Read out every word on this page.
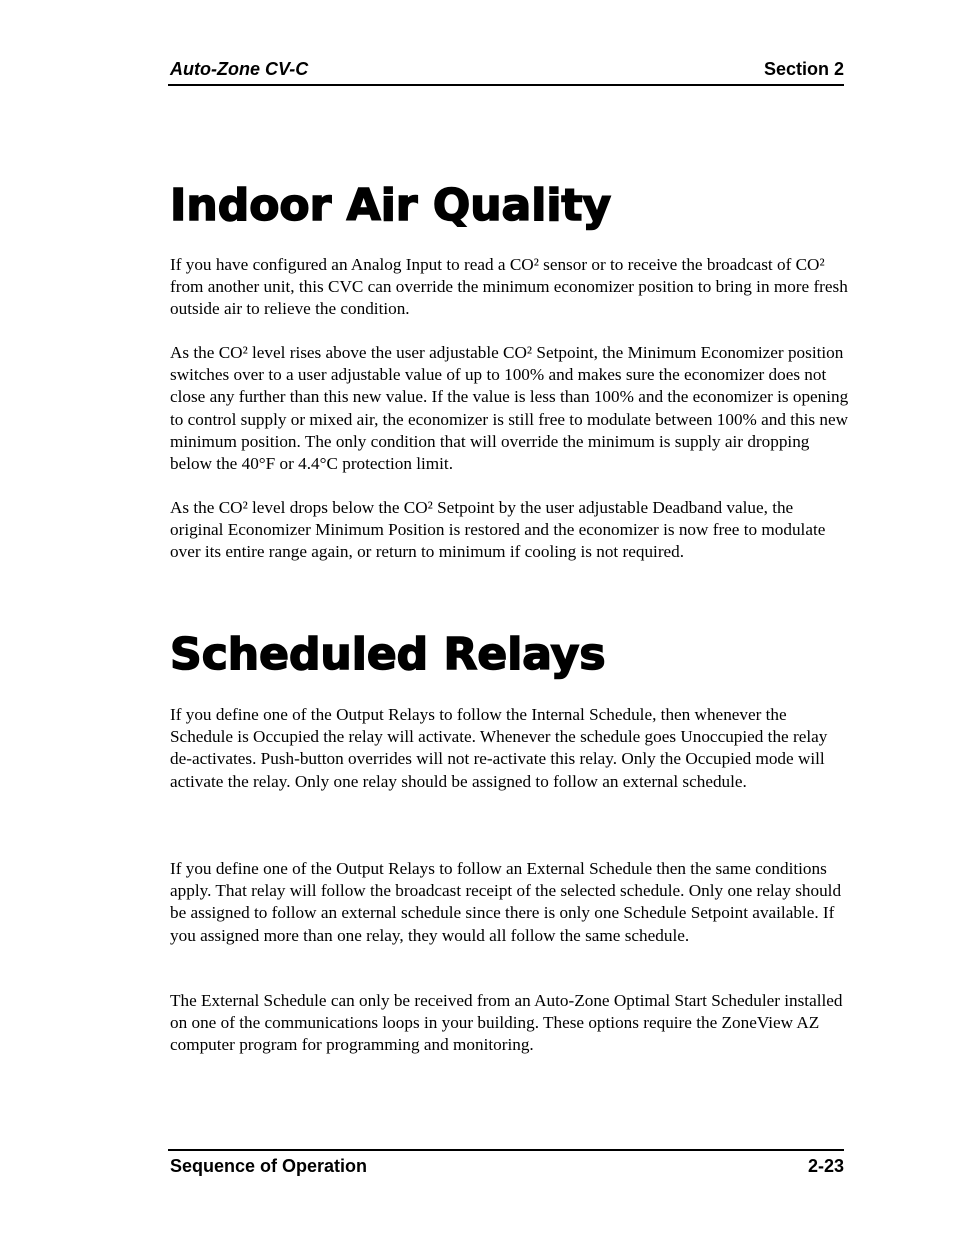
Auto-Zone CV-C	Section 2
Indoor Air Quality

If you have configured an Analog Input to read a CO² sensor or to receive the broadcast of CO² from another unit, this CVC can override the minimum economizer position to bring in more fresh outside air to relieve the condition.

As the CO² level rises above the user adjustable CO² Setpoint, the Minimum Economizer position switches over to a user adjustable value of up to 100% and makes sure the economizer does not close any further than this new value. If the value is less than 100% and the economizer is opening to control supply or mixed air, the economizer is still free to modulate between 100% and this new minimum position. The only condition that will override the minimum is supply air dropping below the 40°F or 4.4°C protection limit.

As the CO² level drops below the CO² Setpoint by the user adjustable Deadband value, the original Economizer Minimum Position is restored and the economizer is now free to modulate over its entire range again, or return to minimum if cooling is not required.

Scheduled Relays

If you define one of the Output Relays to follow the Internal Schedule, then whenever the Schedule is Occupied the relay will activate. Whenever the schedule goes Unoccupied the relay de-activates. Push-button overrides will not re-activate this relay. Only the Occupied mode will activate the relay. Only one relay should be assigned to follow an external schedule.

If you define one of the Output Relays to follow an External Schedule then the same conditions apply. That relay will follow the broadcast receipt of the selected schedule. Only one relay should be assigned to follow an external schedule since there is only one Schedule Setpoint available. If you assigned more than one relay, they would all follow the same schedule.

The External Schedule can only be received from an Auto-Zone Optimal Start Scheduler installed on one of the communications loops in your building. These options require the ZoneView AZ computer program for programming and monitoring.

Sequence of Operation	2-23
